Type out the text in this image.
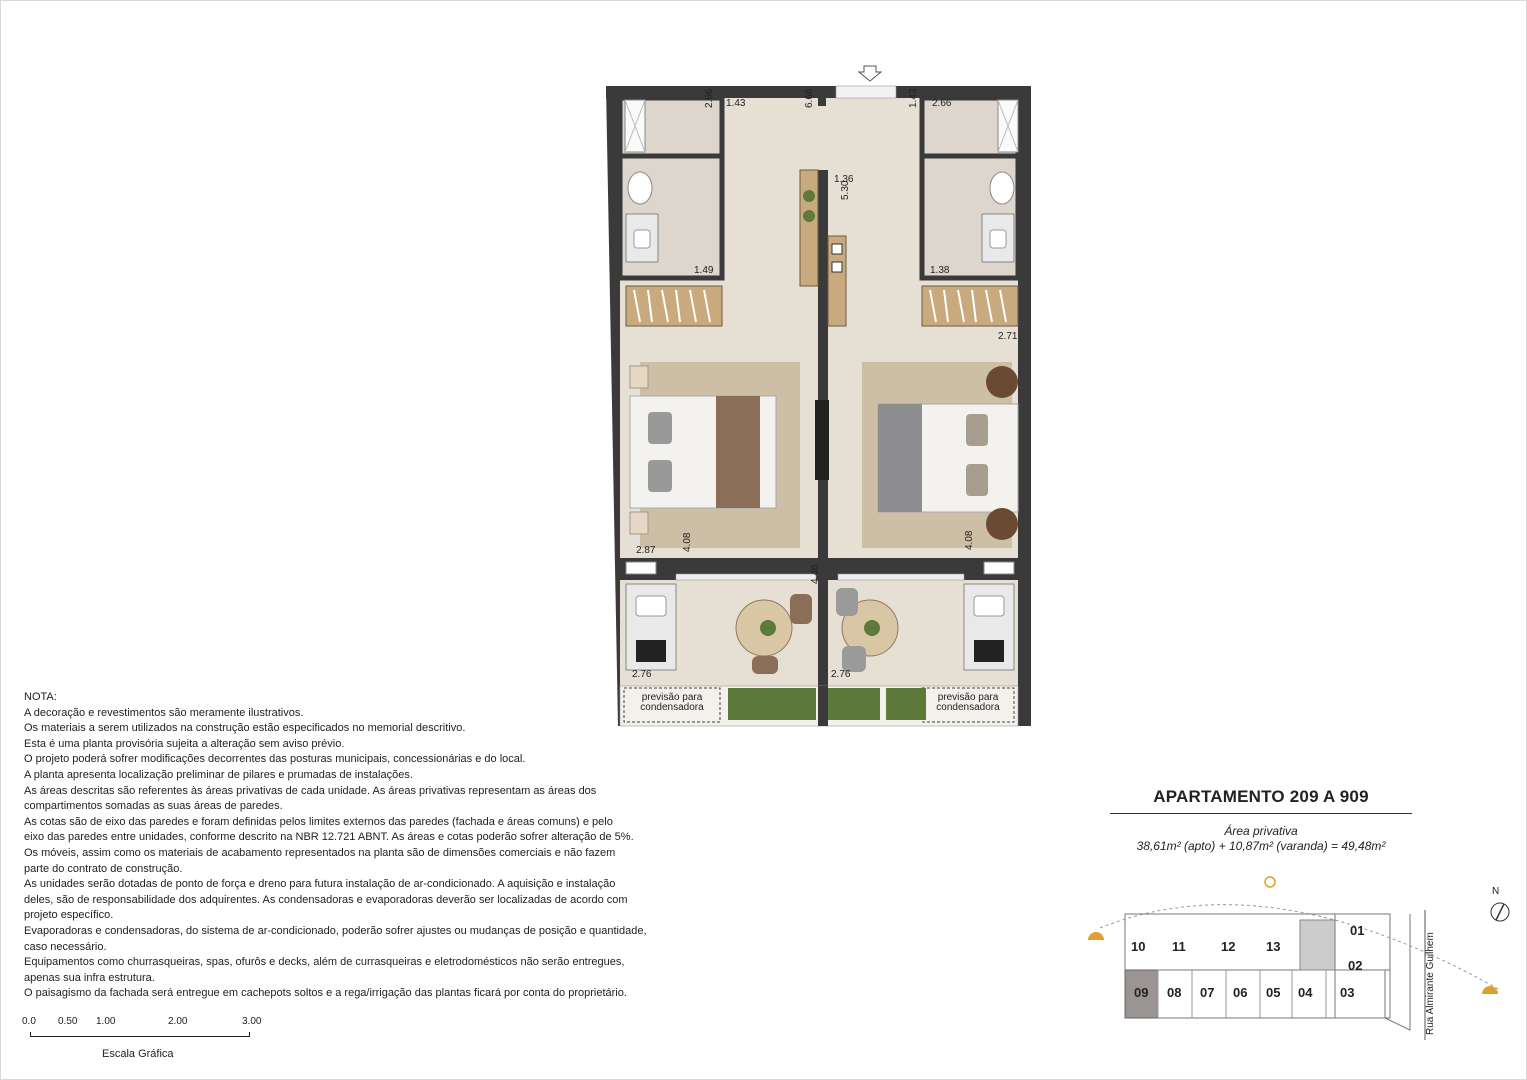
previsão para
condensadora
previsão para
condensadora
2.66 1.43	6.66	1.43 2.66
1.49
1.36
5.30
1.38
2.71
2.87	4.08
4.46
4.08
2.76	2.76
NOTA:
A decoração e revestimentos são meramente ilustrativos.
Os materiais a serem utilizados na construção estão especificados no memorial descritivo.
Esta é uma planta provisória sujeita a alteração sem aviso prévio.
O projeto poderá sofrer modificações decorrentes das posturas municipais, concessionárias e do local.
A planta apresenta localização preliminar de pilares e prumadas de instalações.
As áreas descritas são referentes às áreas privativas de cada unidade. As áreas privativas representam as áreas dos
compartimentos somadas as suas áreas de paredes.
As cotas são de eixo das paredes e foram definidas pelos limites externos das paredes (fachada e áreas comuns) e pelo
eixo das paredes entre unidades, conforme descrito na NBR 12.721 ABNT. As áreas e cotas poderão sofrer alteração de 5%.
Os móveis, assim como os materiais de acabamento representados na planta são de dimensões comerciais e não fazem
parte do contrato de construção.
As unidades serão dotadas de ponto de força e dreno para futura instalação de ar-condicionado. A aquisição e instalação
deles, são de responsabilidade dos adquirentes. As condensadoras e evaporadoras deverão ser localizadas de acordo com
projeto específico.
Evaporadoras e condensadoras, do sistema de ar-condicionado, poderão sofrer ajustes ou mudanças de posição e quantidade,
caso necessário.
Equipamentos como churrasqueiras, spas, ofurôs e decks, além de currasqueiras e eletrodomésticos não serão entregues,
apenas sua infra estrutura.
O paisagismo da fachada será entregue em cachepots soltos e a rega/irrigação das plantas ficará por conta do proprietário.
APARTAMENTO 209 A 909
Área privativa
38,61m² (apto) + 10,87m² (varanda) = 49,48m²
0.0 0.50 1.00	2.00	3.00
Escala Gráfica
10 11	12 13
01
02
09 08 07 06 05 04 03	Rua Almirante Guilhem
N
